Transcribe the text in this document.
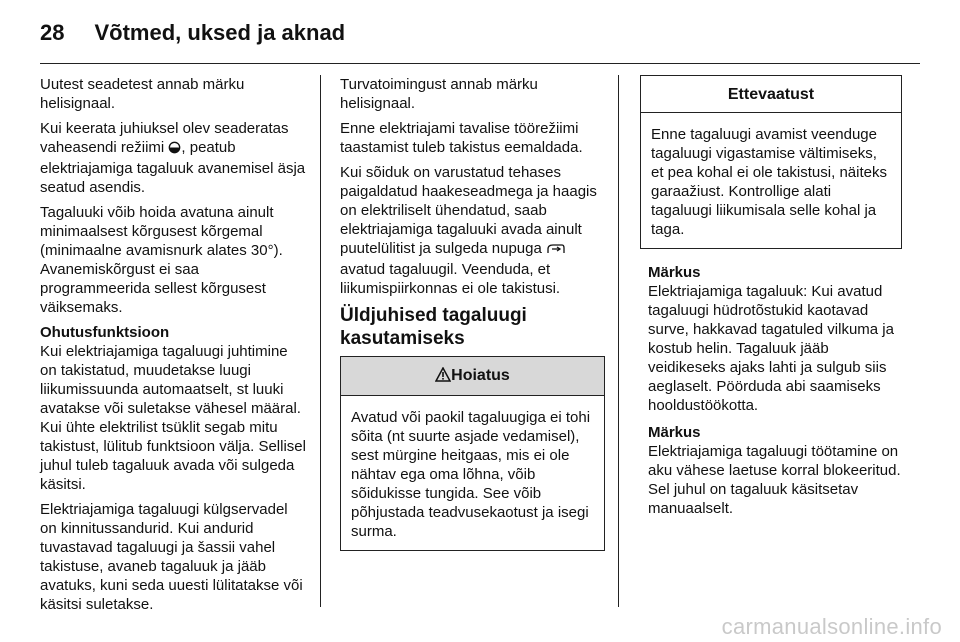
28 Võtmed, uksed ja aknad

Uutest seadetest annab märku helisignaal.

Kui keerata juhiuksel olev seaderatas vaheasendi režiimi , peatub elektriajamiga tagaluuk avanemisel äsja seatud asendis.

Tagaluuki võib hoida avatuna ainult minimaalsest kõrgusest kõrgemal (minimaalne avamisnurk alates 30°). Avanemiskõrgust ei saa programmeerida sellest kõrgusest väiksemaks.

Ohutusfunktsioon

Kui elektriajamiga tagaluugi juhtimine on takistatud, muudetakse luugi liikumissuunda automaatselt, st luuki avatakse või suletakse vähesel määral. Kui ühte elektrilist tsüklit segab mitu takistust, lülitub funktsioon välja. Sellisel juhul tuleb tagaluuk avada või sulgeda käsitsi.

Elektriajamiga tagaluugi külgservadel on kinnitussandurid. Kui andurid tuvastavad tagaluugi ja šassii vahel takistuse, avaneb tagaluuk ja jääb avatuks, kuni seda uuesti lülitatakse või käsitsi suletakse.

Turvatoimingust annab märku helisignaal.

Enne elektriajami tavalise töörežiimi taastamist tuleb takistus eemaldada.

Kui sõiduk on varustatud tehases paigaldatud haakeseadmega ja haagis on elektriliselt ühendatud, saab elektriajamiga tagaluuki avada ainult puutelülitist ja sulgeda nupuga  avatud tagaluugil. Veenduda, et liikumispiirkonnas ei ole takistusi.

Üldjuhised tagaluugi kasutamiseks

Hoiatus

Avatud või paokil tagaluugiga ei tohi sõita (nt suurte asjade vedamisel), sest mürgine heitgaas, mis ei ole nähtav ega oma lõhna, võib sõidukisse tungida. See võib põhjustada teadvusekaotust ja isegi surma.

Ettevaatust

Enne tagaluugi avamist veenduge tagaluugi vigastamise vältimiseks, et pea kohal ei ole takistusi, näiteks garaažiust. Kontrollige alati tagaluugi liikumisala selle kohal ja taga.

Märkus

Elektriajamiga tagaluuk: Kui avatud tagaluugi hüdrotõstukid kaotavad surve, hakkavad tagatuled vilkuma ja kostub helin. Tagaluuk jääb veidikeseks ajaks lahti ja sulgub siis aeglaselt. Pöörduda abi saamiseks hooldustöökotta.

Märkus

Elektriajamiga tagaluugi töötamine on aku vähese laetuse korral blokeeritud. Sel juhul on tagaluuk käsitsetav manuaalselt.

carmanualsonline.info
